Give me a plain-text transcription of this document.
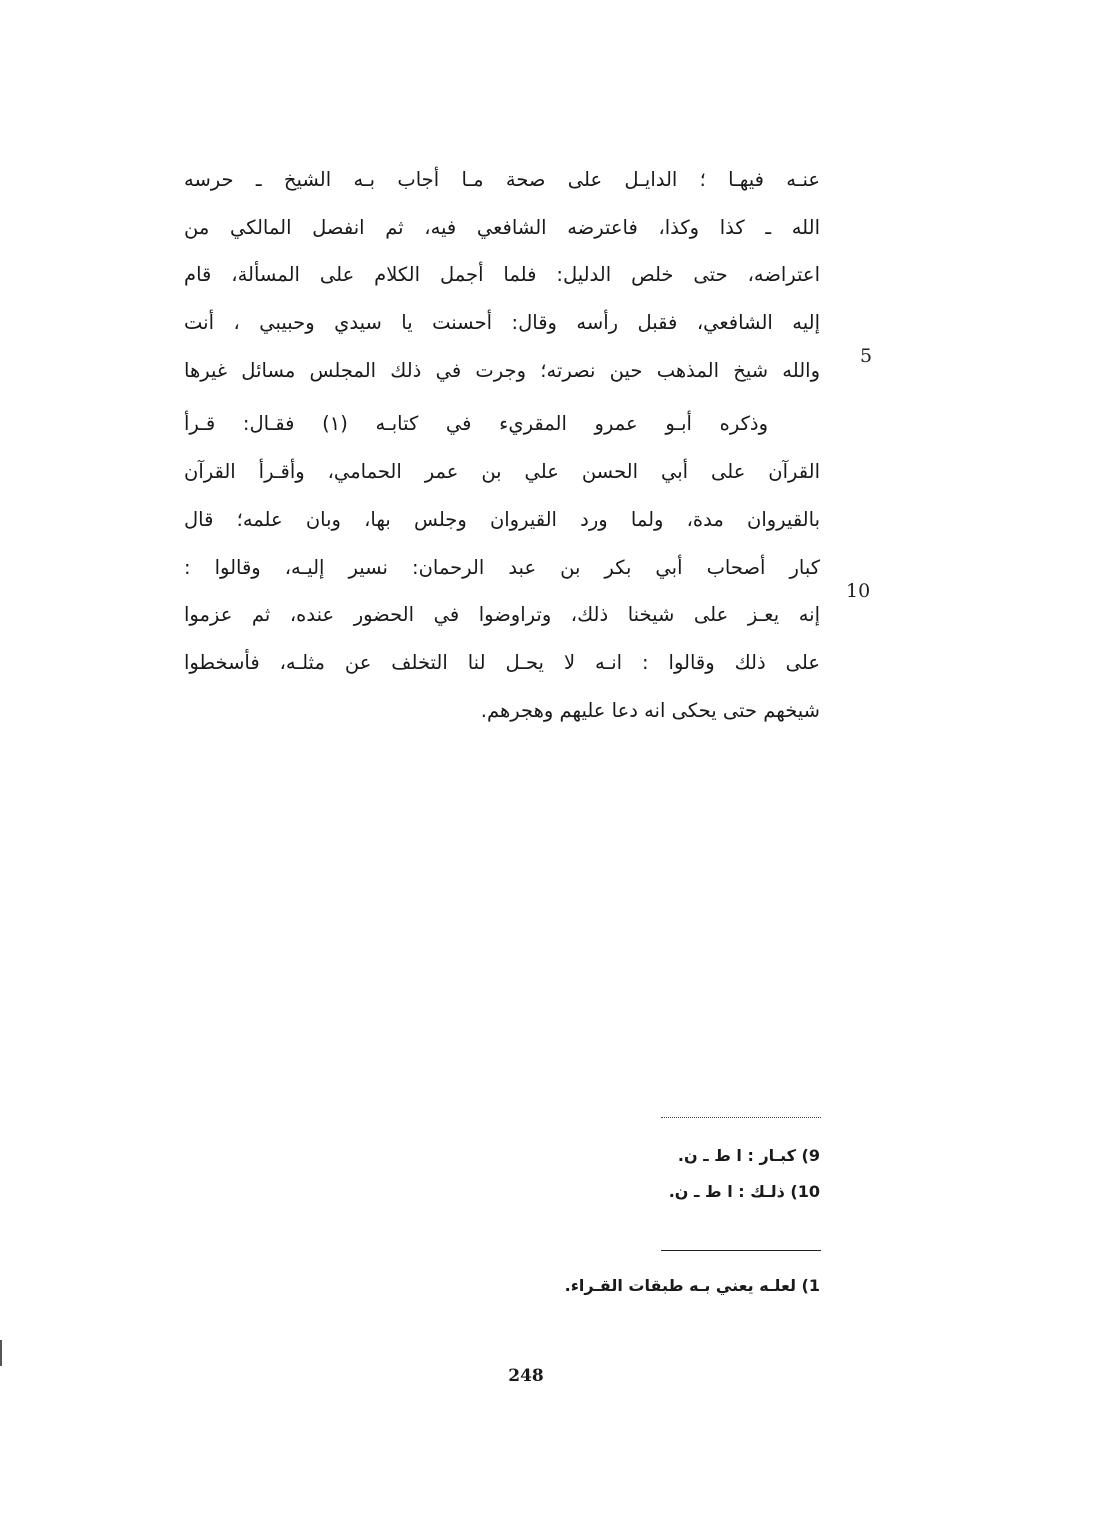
عنـه فيهـا ؛ الدايـل على صحة مـا أجاب بـه الشيخ ـ حرسه
الله ـ كذا وكذا، فاعترضه الشافعي فيه، ثم انفصل المالكي من
اعتراضه، حتى خلص الدليل: فلما أجمل الكلام على المسألة، قام
إليه الشافعي، فقبل رأسه وقال: أحسنت يا سيدي وحبيبي ، أنت
والله شيخ المذهب حين نصرته؛ وجرت في ذلك المجلس مسائل غيرها
وذكره أبـو عمرو المقريء في كتابـه (١) فقـال: قـرأ
القرآن على أبي الحسن علي بن عمر الحمامي، وأقـرأ القرآن
بالقيروان مدة، ولما ورد القيروان وجلس بها، وبان علمه؛ قال
كبار أصحاب أبي بكر بن عبد الرحمان: نسير إليـه، وقالوا :
إنه يعـز على شيخنا ذلك، وتراوضوا في الحضور عنده، ثم عزموا
على ذلك وقالوا : انـه لا يحـل لنا التخلف عن مثلـه، فأسخطوا
شيخهم حتى يحكى انه دعا عليهم وهجرهم.
5
10
9) كبـار : ا ط ـ ن.
10) ذلـك : ا ط ـ ن.
1) لعلـه يعني بـه طبقات القـراء.
248
